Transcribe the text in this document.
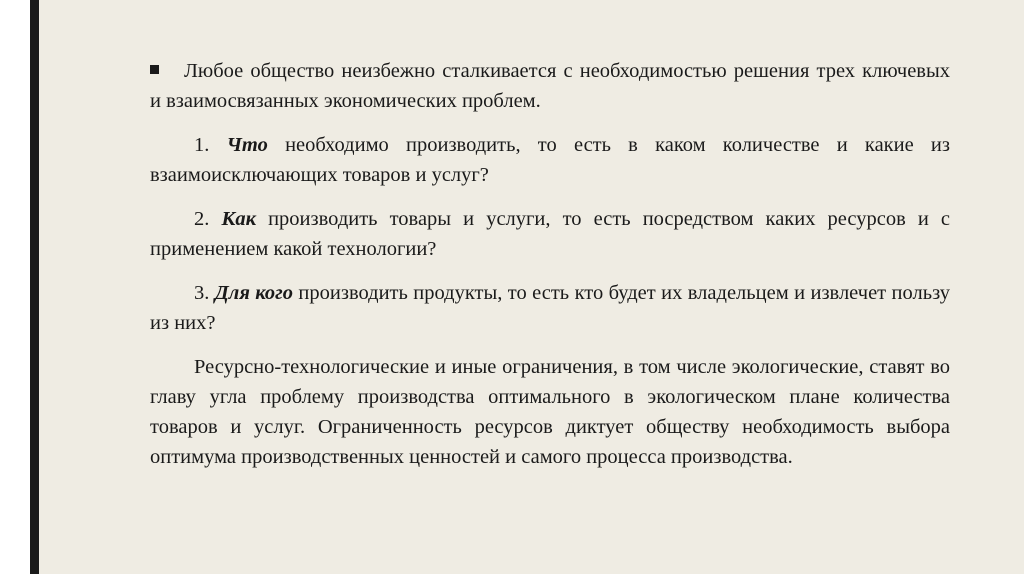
Любое общество неизбежно сталкивается с необходимостью решения трех ключевых и взаимосвязанных экономических проблем.

1. Что необходимо производить, то есть в каком количестве и какие из взаимоисключающих товаров и услуг?

2. Как производить товары и услуги, то есть посредством каких ресурсов и с применением какой технологии?

3. Для кого производить продукты, то есть кто будет их владельцем и извлечет пользу из них?

Ресурсно-технологические и иные ограничения, в том числе экологические, ставят во главу угла проблему производства оптимального в экологическом плане количества товаров и услуг. Ограниченность ресурсов диктует обществу необходимость выбора оптимума производственных ценностей и самого процесса производства.
